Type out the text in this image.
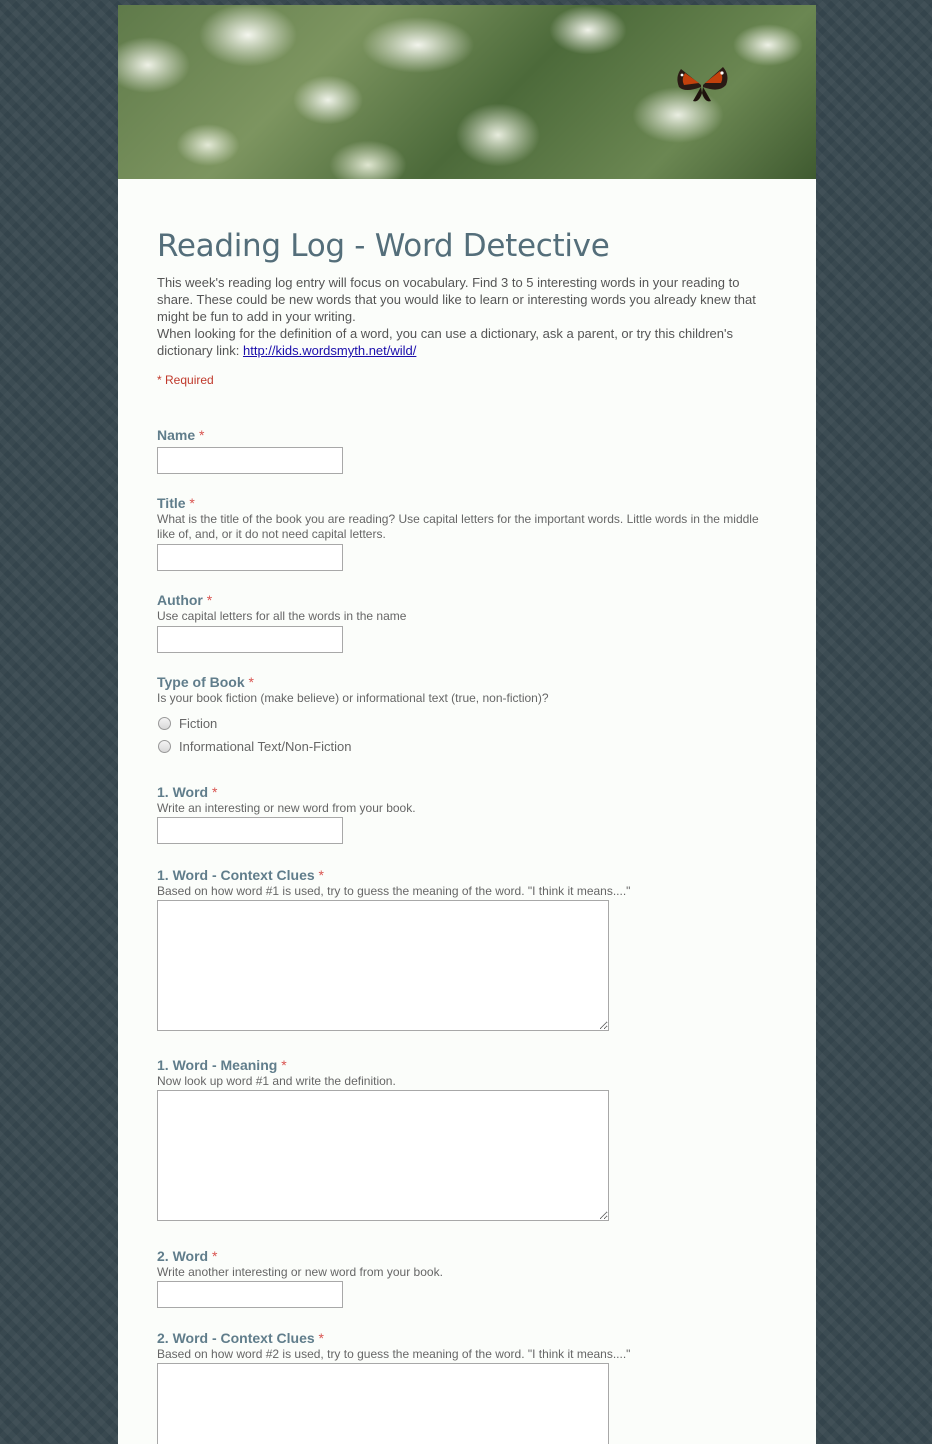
Reading Log - Word Detective
This week's reading log entry will focus on vocabulary. Find 3 to 5 interesting words in your reading to share. These could be new words that you would like to learn or interesting words you already knew that might be fun to add in your writing.
When looking for the definition of a word, you can use a dictionary, ask a parent, or try this children's dictionary link: http://kids.wordsmyth.net/wild/
* Required
Name *
Title *
What is the title of the book you are reading? Use capital letters for the important words. Little words in the middle like of, and, or it do not need capital letters.
Author *
Use capital letters for all the words in the name
Type of Book *
Is your book fiction (make believe) or informational text (true, non-fiction)?
Fiction
Informational Text/Non-Fiction
1. Word *
Write an interesting or new word from your book.
1. Word - Context Clues *
Based on how word #1 is used, try to guess the meaning of the word. "I think it means...."
1. Word - Meaning *
Now look up word #1 and write the definition.
2. Word *
Write another interesting or new word from your book.
2. Word - Context Clues *
Based on how word #2 is used, try to guess the meaning of the word. "I think it means...."
